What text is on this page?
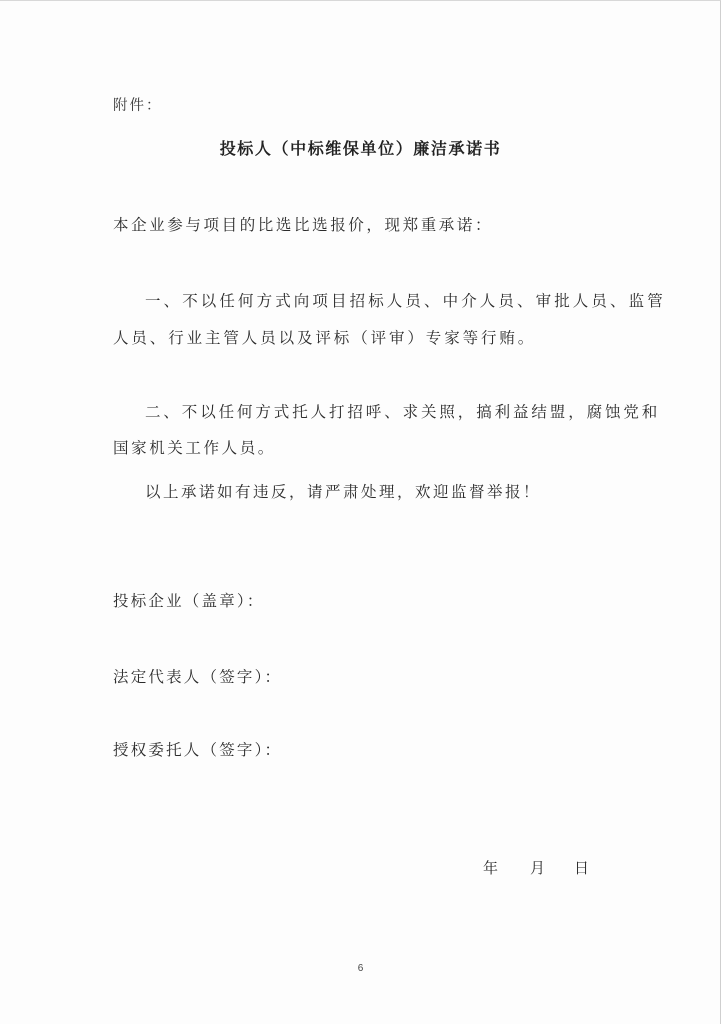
附件：
投标人（中标维保单位）廉洁承诺书
本企业参与项目的比选比选报价，现郑重承诺：
一、不以任何方式向项目招标人员、中介人员、审批人员、监管
人员、行业主管人员以及评标（评审）专家等行贿。
二、不以任何方式托人打招呼、求关照，搞利益结盟，腐蚀党和
国家机关工作人员。
以上承诺如有违反，请严肃处理，欢迎监督举报！
投标企业（盖章）：
法定代表人（签字）：
授权委托人（签字）：
年 月 日
6
